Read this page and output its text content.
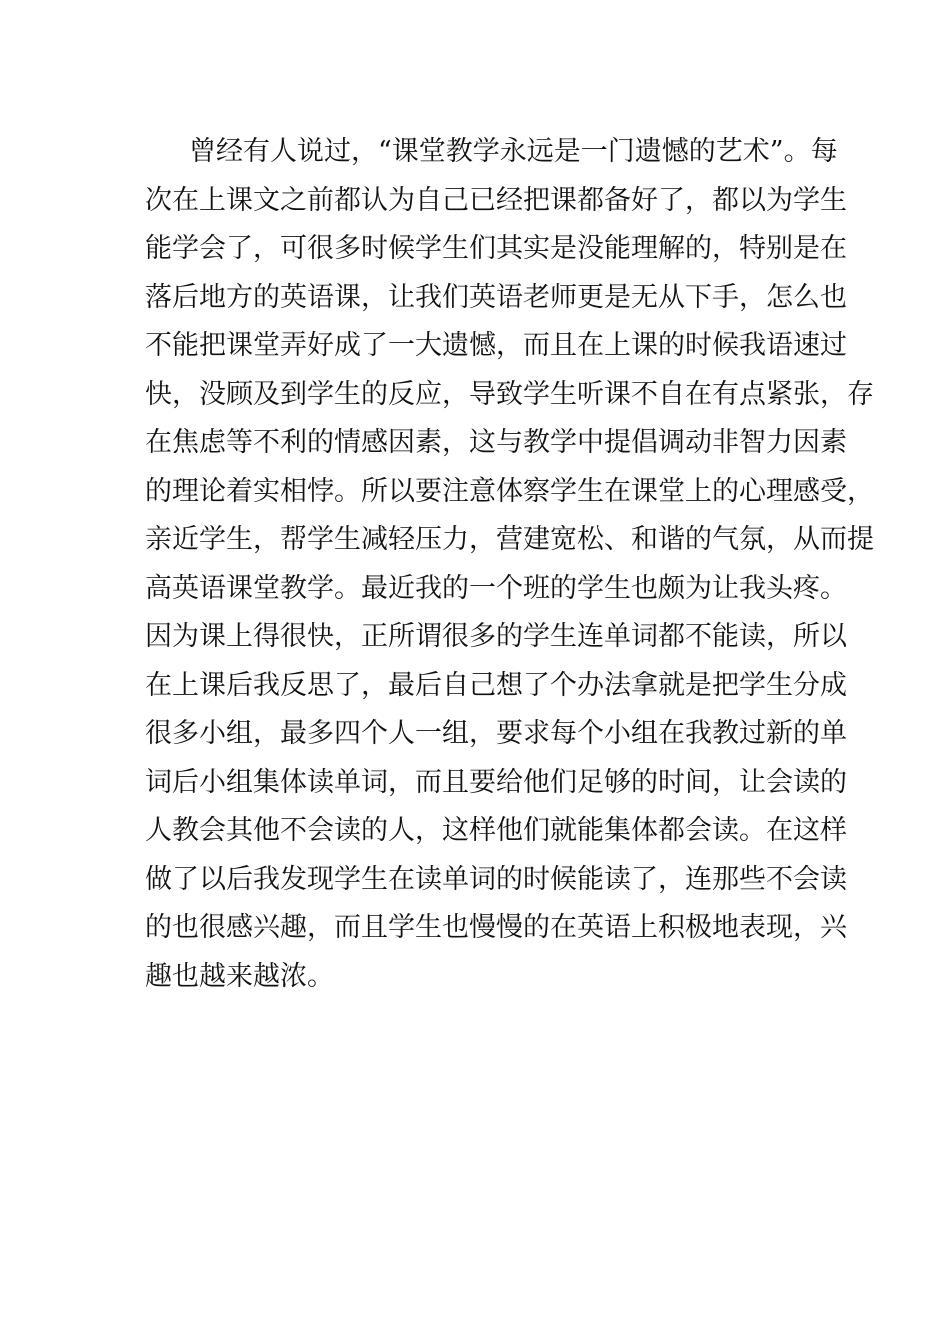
曾经有人说过，“课堂教学永远是一门遗憾的艺术”。每
次在上课文之前都认为自己已经把课都备好了，都以为学生
能学会了，可很多时候学生们其实是没能理解的，特别是在
落后地方的英语课，让我们英语老师更是无从下手，怎么也
不能把课堂弄好成了一大遗憾，而且在上课的时候我语速过
快，没顾及到学生的反应，导致学生听课不自在有点紧张，存
在焦虑等不利的情感因素，这与教学中提倡调动非智力因素
的理论着实相悖。所以要注意体察学生在课堂上的心理感受，
亲近学生，帮学生减轻压力，营建宽松、和谐的气氛，从而提
高英语课堂教学。最近我的一个班的学生也颇为让我头疼。
因为课上得很快，正所谓很多的学生连单词都不能读，所以
在上课后我反思了，最后自己想了个办法拿就是把学生分成
很多小组，最多四个人一组，要求每个小组在我教过新的单
词后小组集体读单词，而且要给他们足够的时间，让会读的
人教会其他不会读的人，这样他们就能集体都会读。在这样
做了以后我发现学生在读单词的时候能读了，连那些不会读
的也很感兴趣，而且学生也慢慢的在英语上积极地表现，兴
趣也越来越浓。
